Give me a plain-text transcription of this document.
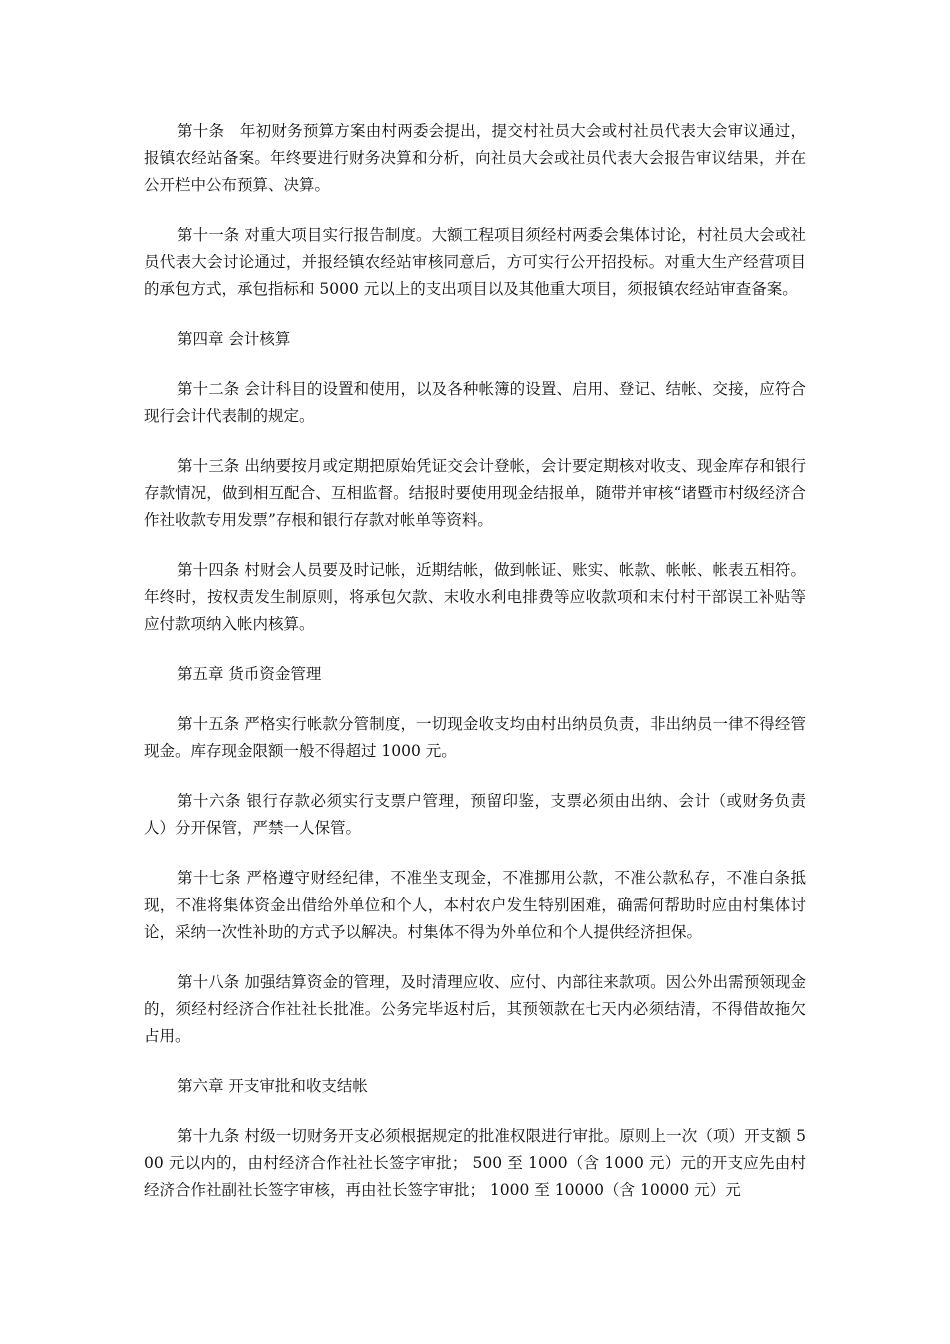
第十条　年初财务预算方案由村两委会提出，提交村社员大会或村社员代表大会审议通过，报镇农经站备案。年终要进行财务决算和分析，向社员大会或社员代表大会报告审议结果，并在公开栏中公布预算、决算。

第十一条 对重大项目实行报告制度。大额工程项目须经村两委会集体讨论，村社员大会或社员代表大会讨论通过，并报经镇农经站审核同意后，方可实行公开招投标。对重大生产经营项目的承包方式，承包指标和 5000 元以上的支出项目以及其他重大项目，须报镇农经站审查备案。

第四章 会计核算

第十二条 会计科目的设置和使用，以及各种帐簿的设置、启用、登记、结帐、交接，应符合现行会计代表制的规定。

第十三条 出纳要按月或定期把原始凭证交会计登帐，会计要定期核对收支、现金库存和银行存款情况，做到相互配合、互相监督。结报时要使用现金结报单，随带并审核“诸暨市村级经济合作社收款专用发票”存根和银行存款对帐单等资料。

第十四条 村财会人员要及时记帐，近期结帐，做到帐证、账实、帐款、帐帐、帐表五相符。年终时，按权责发生制原则，将承包欠款、末收水利电排费等应收款项和末付村干部误工补贴等应付款项纳入帐内核算。

第五章 货币资金管理

第十五条 严格实行帐款分管制度，一切现金收支均由村出纳员负责，非出纳员一律不得经管现金。库存现金限额一般不得超过 1000 元。

第十六条 银行存款必须实行支票户管理，预留印鉴，支票必须由出纳、会计（或财务负责人）分开保管，严禁一人保管。

第十七条 严格遵守财经纪律，不准坐支现金，不准挪用公款，不准公款私存，不准白条抵现，不准将集体资金出借给外单位和个人，本村农户发生特别困难，确需何帮助时应由村集体讨论，采纳一次性补助的方式予以解决。村集体不得为外单位和个人提供经济担保。

第十八条 加强结算资金的管理，及时清理应收、应付、内部往来款项。因公外出需预领现金的，须经村经济合作社社长批准。公务完毕返村后，其预领款在七天内必须结清，不得借故拖欠占用。

第六章 开支审批和收支结帐

第十九条 村级一切财务开支必须根据规定的批准权限进行审批。原则上一次（项）开支额 500 元以内的，由村经济合作社社长签字审批； 500 至 1000（含 1000 元）元的开支应先由村经济合作社副社长签字审核，再由社长签字审批； 1000 至 10000（含 10000 元）元
